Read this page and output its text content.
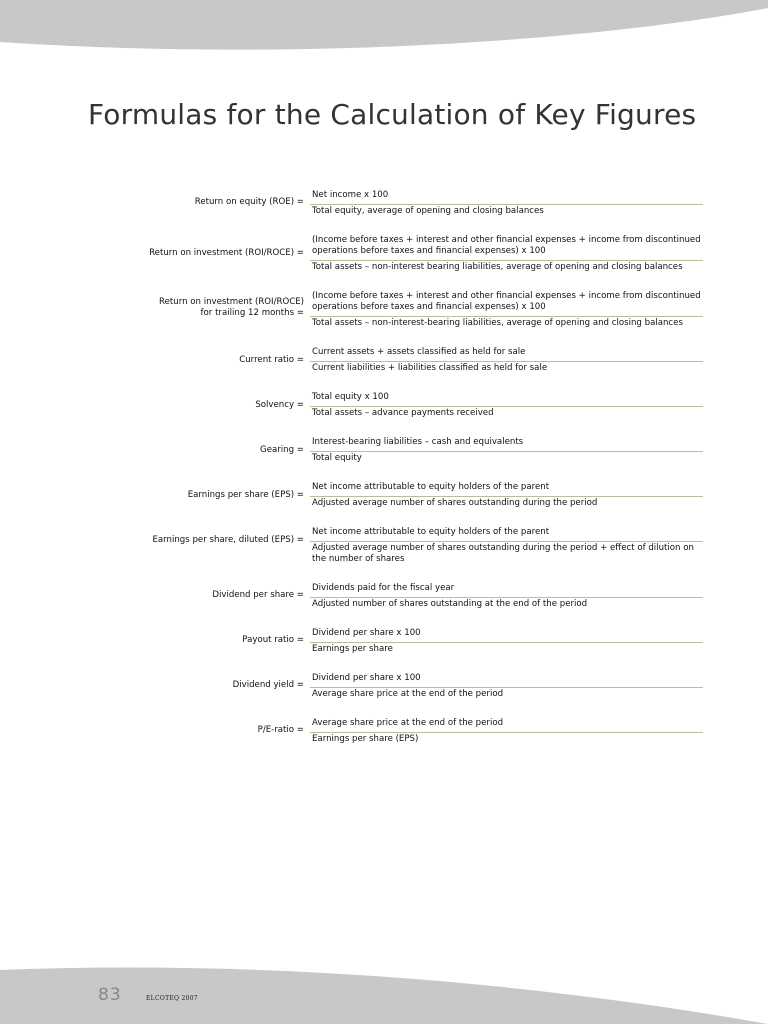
Formulas for the Calculation of Key Figures
Return on equity (ROE) =
Net income x 100
Total equity, average of opening and closing balances
Return on investment (ROI/ROCE) =
(Income before taxes + interest and other financial expenses + income from discontinued operations before taxes and financial expenses) x 100
Total assets – non-interest bearing liabilities, average of opening and closing balances
Return on investment (ROI/ROCE)
for trailing 12 months =
(Income before taxes + interest and other financial expenses + income from discontinued operations before taxes and financial expenses) x 100
Total assets – non-interest-bearing liabilities, average of opening and closing balances
Current ratio =
Current assets + assets classified as held for sale
Current liabilities + liabilities classified as held for sale
Solvency =
Total equity x 100
Total assets – advance payments received
Gearing =
Interest-bearing liabilities – cash and equivalents
Total equity
Earnings per share (EPS) =
Net income attributable to equity holders of the parent
Adjusted average number of shares outstanding during the period
Earnings per share, diluted (EPS) =
Net income attributable to equity holders of the parent
Adjusted average number of shares outstanding during the period + effect of dilution on the number of shares
Dividend per share =
Dividends paid for the fiscal year
Adjusted number of shares outstanding at the end of the period
Payout ratio =
Dividend per share x 100
Earnings per share
Dividend yield =
Dividend per share x 100
Average share price at the end of the period
P/E-ratio =
Average share price at the end of the period
Earnings per share (EPS)
83	ELCOTEQ 2007
